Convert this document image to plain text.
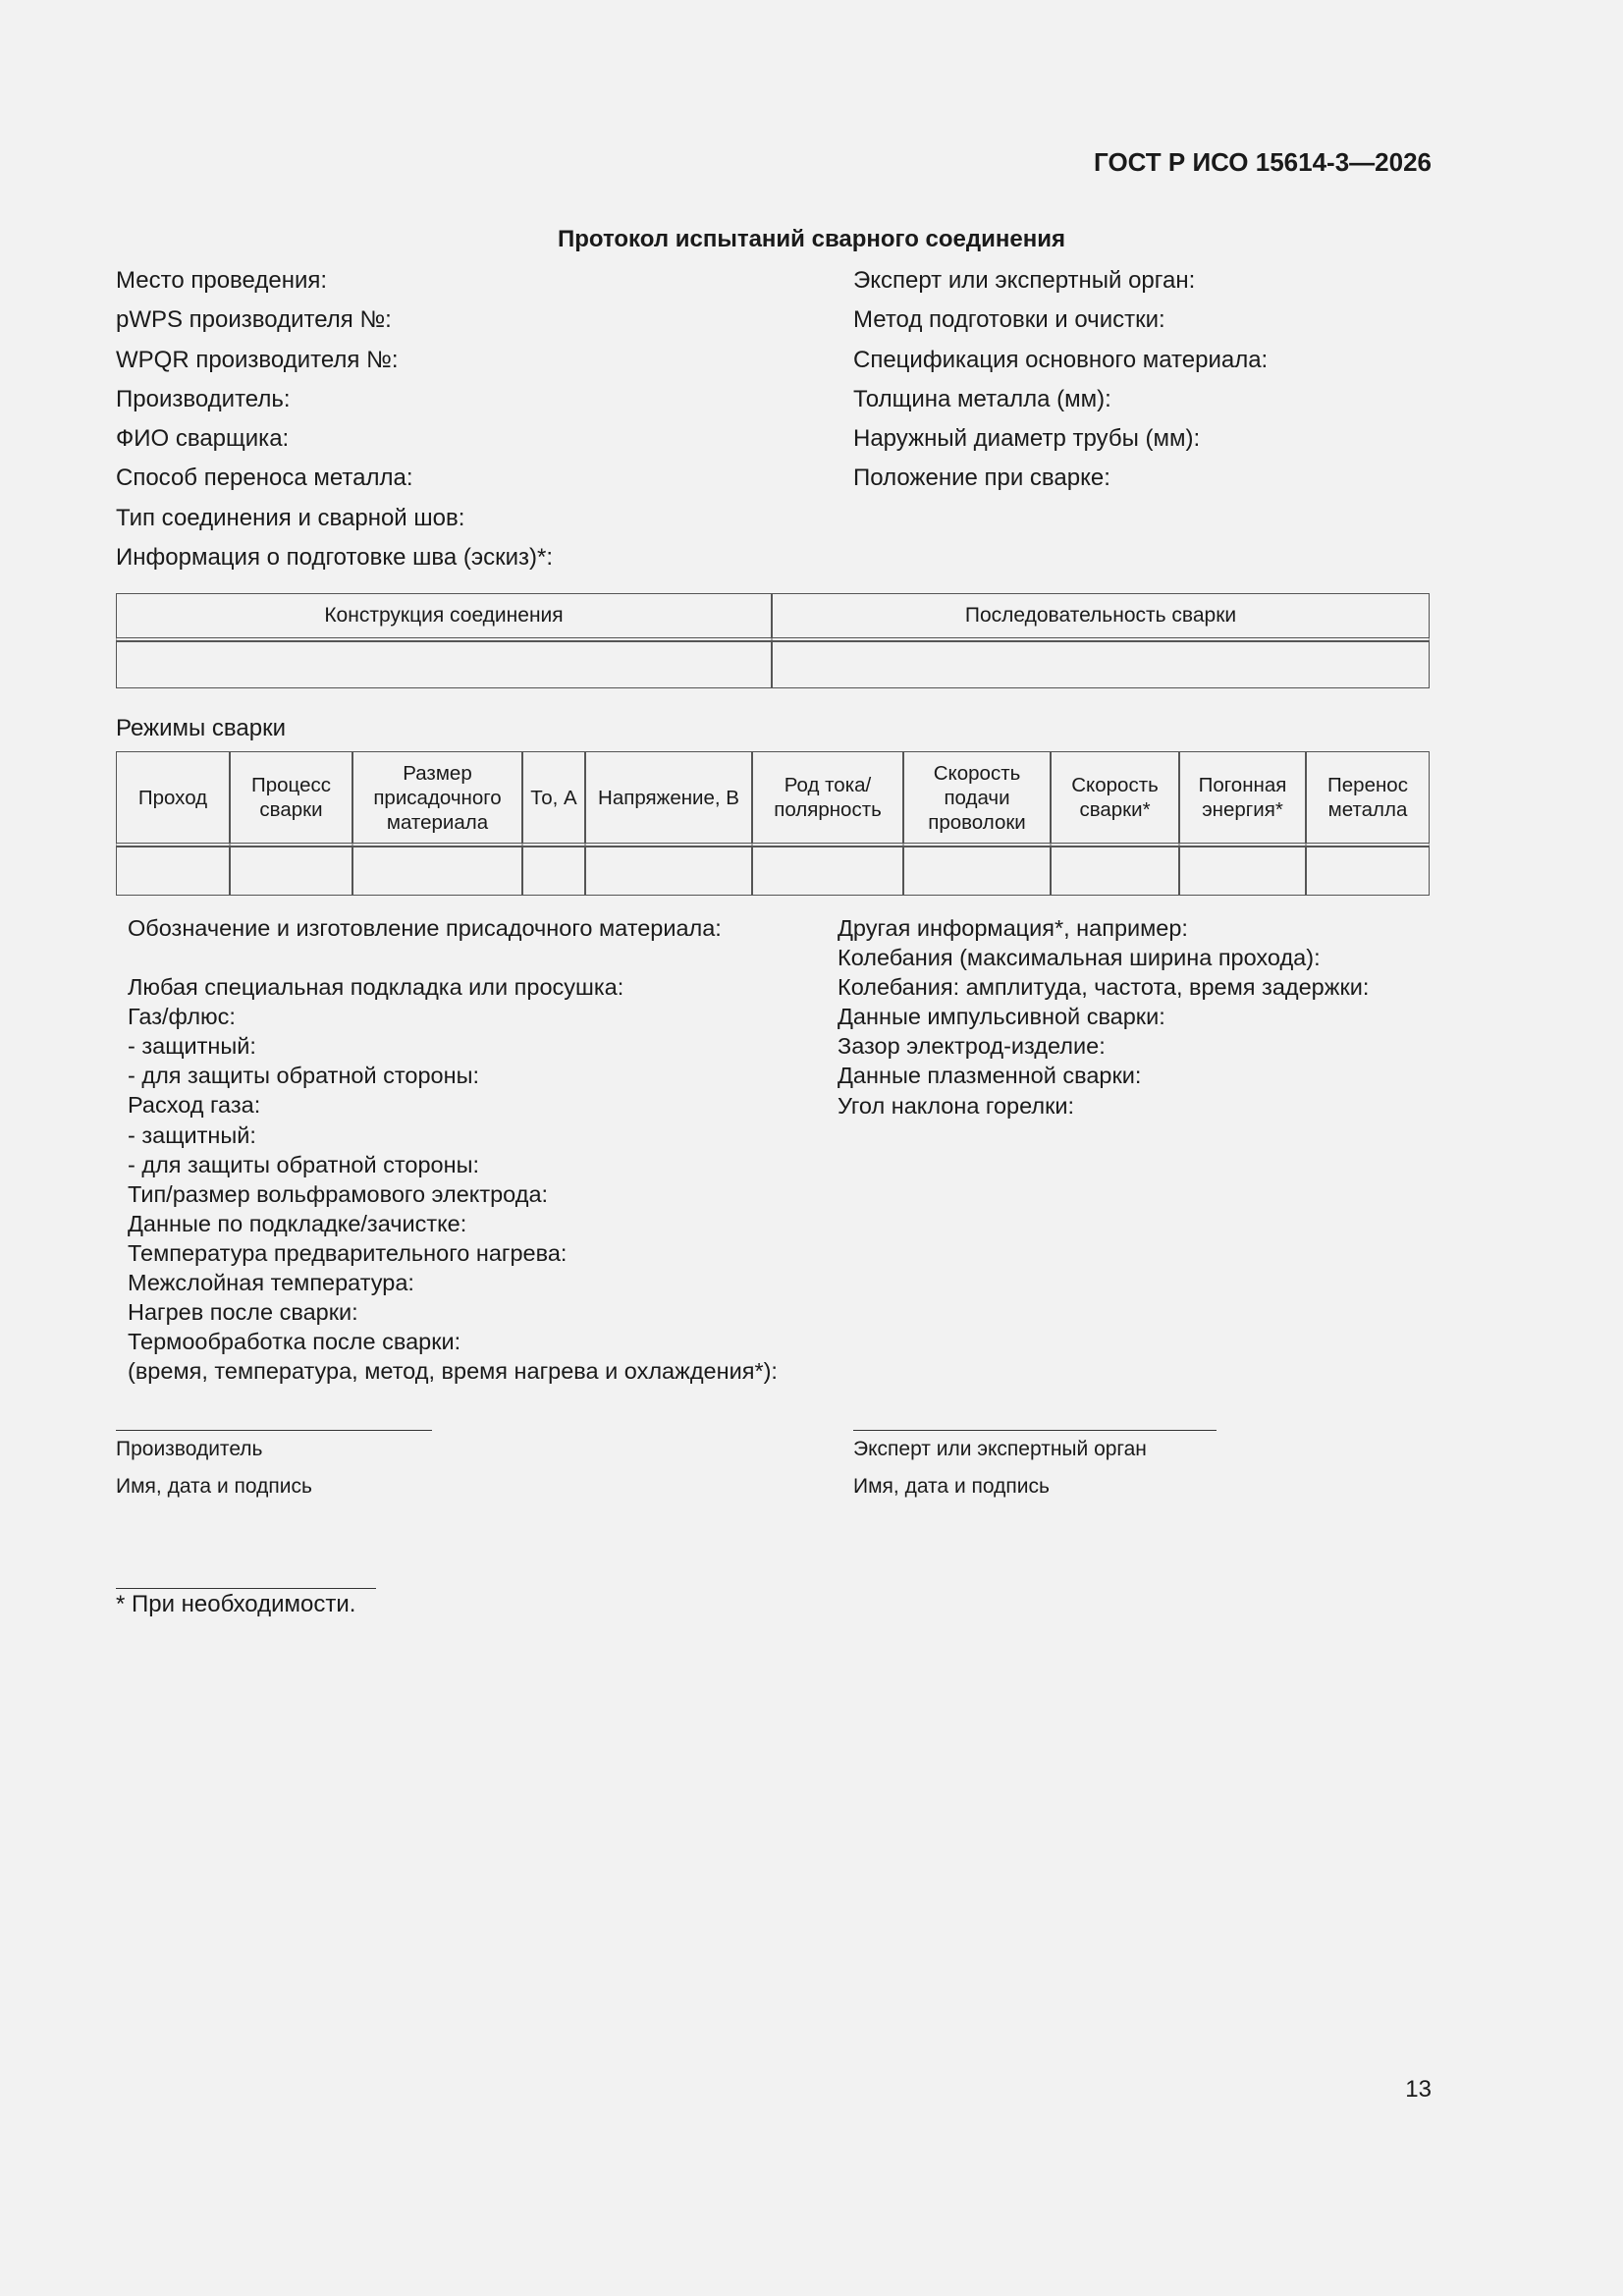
ГОСТ Р ИСО 15614-3—2026
Протокол испытаний сварного соединения
Место проведения:
pWPS производителя №:
WPQR производителя №:
Производитель:
ФИО сварщика:
Способ переноса металла:
Тип соединения и сварной шов:
Информация о подготовке шва (эскиз)*:
Эксперт или экспертный орган:
Метод подготовки и очистки:
Спецификация основного материала:
Толщина металла (мм):
Наружный диаметр трубы (мм):
Положение при сварке:
Конструкция соединения	Последовательность сварки

Режимы сварки
Проход	Процесс сварки	Размер присадочного материала	То, А	Напряжение, В	Род тока/ полярность	Скорость подачи проволоки	Скорость сварки*	Погонная энергия*	Перенос металла

Обозначение и изготовление присадочного материала:
Любая специальная подкладка или просушка:
Газ/флюс:
- защитный:
- для защиты обратной стороны:
Расход газа:
- защитный:
- для защиты обратной стороны:
Тип/размер вольфрамового электрода:
Данные по подкладке/зачистке:
Температура предварительного нагрева:
Межслойная температура:
Нагрев после сварки:
Термообработка после сварки:
(время, температура, метод, время нагрева и охлаждения*):
Другая информация*, например:
Колебания (максимальная ширина прохода):
Колебания: амплитуда, частота, время задержки:
Данные импульсивной сварки:
Зазор электрод-изделие:
Данные плазменной сварки:
Угол наклона горелки:
Производитель
Имя, дата и подпись
Эксперт или экспертный орган
Имя, дата и подпись
* При необходимости.
13
